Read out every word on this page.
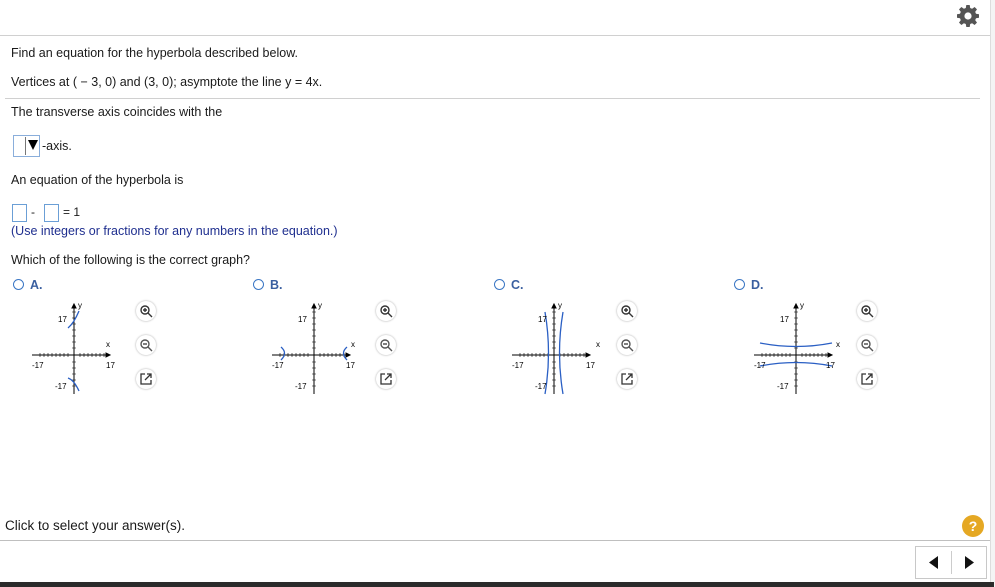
Find an equation for the hyperbola described below.
Vertices at ( − 3, 0) and (3, 0); asymptote the line y = 4x.
The transverse axis coincides with the
-axis.
An equation of the hyperbola is
- = 1
(Use integers or fractions for any numbers in the equation.)
Which of the following is the correct graph?
A.	B.	C.	D.
y
x
17
-17	17
-17
y
x
17
-17	17
-17
y
x
17
-17	17
-17
y
x
17
-17	17
-17
Click to select your answer(s).	?
